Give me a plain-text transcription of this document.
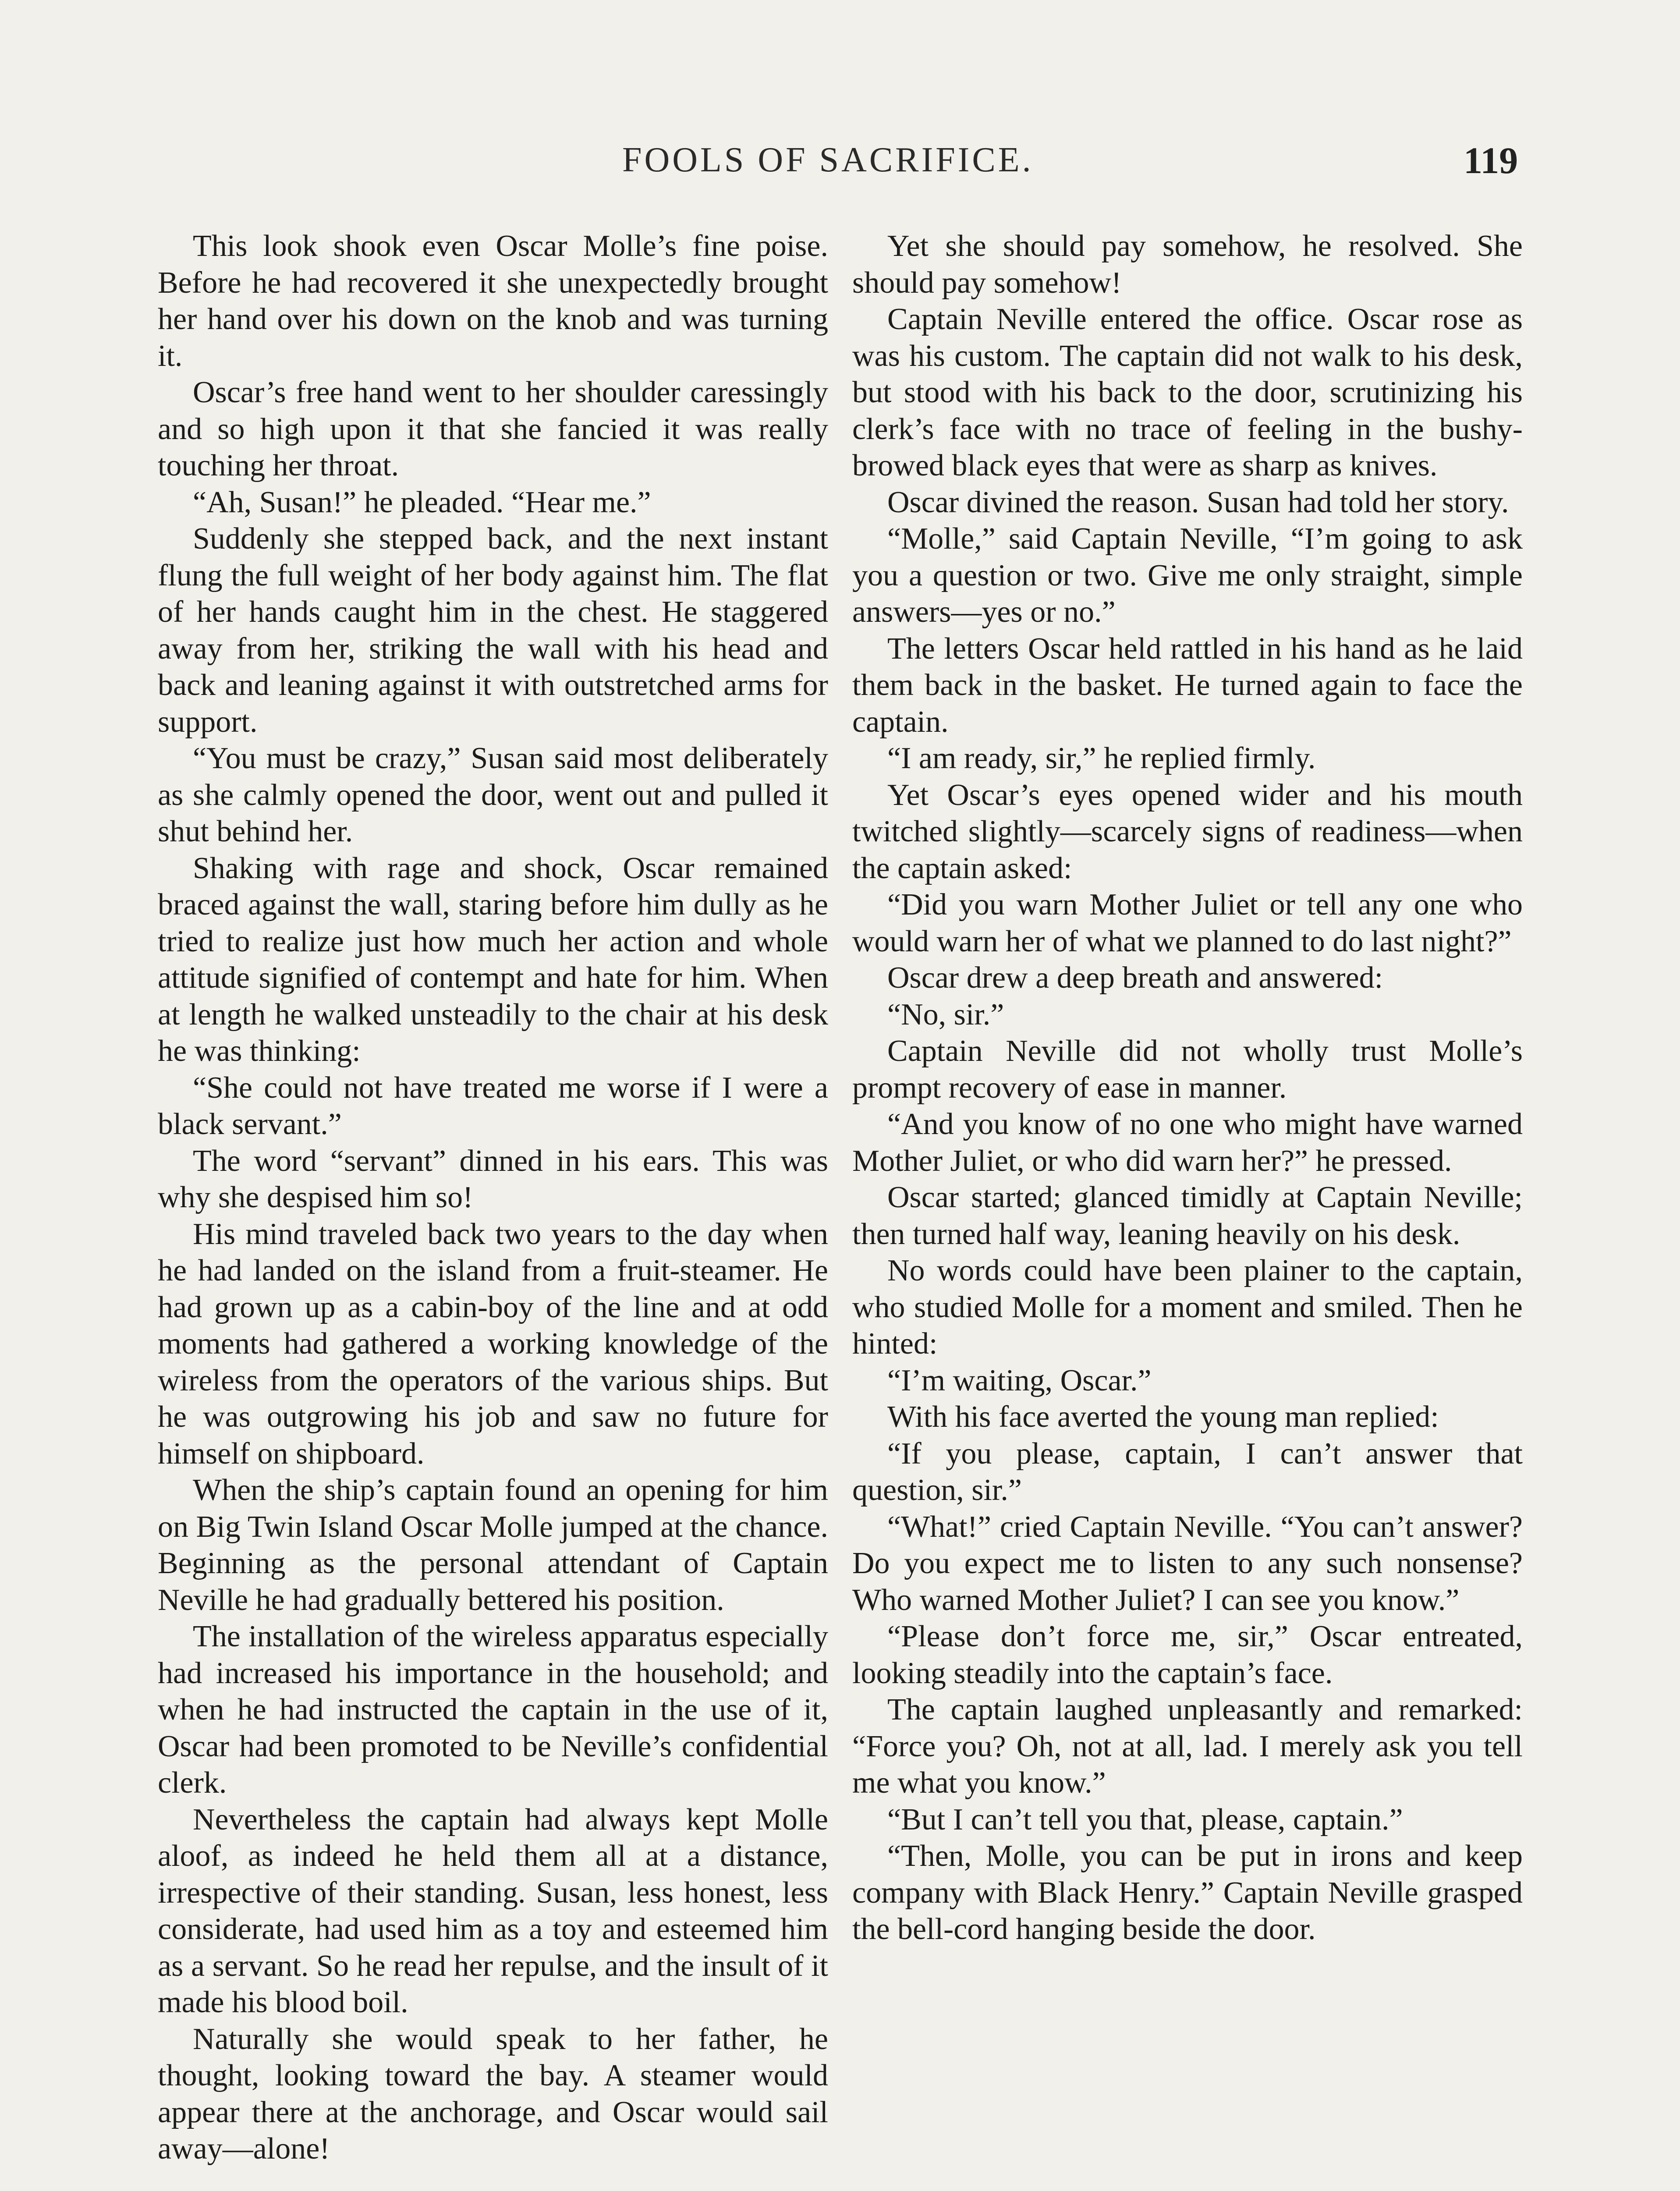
FOOLS OF SACRIFICE.	119

This look shook even Oscar Molle’s fine poise. Before he had recovered it she unexpectedly brought her hand over his down on the knob and was turning it.

Oscar’s free hand went to her shoulder caressingly and so high upon it that she fancied it was really touching her throat.

“Ah, Susan!” he pleaded. “Hear me.”

Suddenly she stepped back, and the next instant flung the full weight of her body against him. The flat of her hands caught him in the chest. He staggered away from her, striking the wall with his head and back and leaning against it with outstretched arms for support.

“You must be crazy,” Susan said most deliberately as she calmly opened the door, went out and pulled it shut behind her.

Shaking with rage and shock, Oscar remained braced against the wall, staring before him dully as he tried to realize just how much her action and whole attitude signified of contempt and hate for him. When at length he walked unsteadily to the chair at his desk he was thinking:

“She could not have treated me worse if I were a black servant.”

The word “servant” dinned in his ears. This was why she despised him so!

His mind traveled back two years to the day when he had landed on the island from a fruit-steamer. He had grown up as a cabin-boy of the line and at odd moments had gathered a working knowledge of the wireless from the operators of the various ships. But he was outgrowing his job and saw no future for himself on shipboard.

When the ship’s captain found an opening for him on Big Twin Island Oscar Molle jumped at the chance. Beginning as the personal attendant of Captain Neville he had gradually bettered his position.

The installation of the wireless apparatus especially had increased his importance in the household; and when he had instructed the captain in the use of it, Oscar had been promoted to be Neville’s confidential clerk.

Nevertheless the captain had always kept Molle aloof, as indeed he held them all at a distance, irrespective of their standing. Susan, less honest, less considerate, had used him as a toy and esteemed him as a servant. So he read her repulse, and the insult of it made his blood boil.

Naturally she would speak to her father, he thought, looking toward the bay. A steamer would appear there at the anchorage, and Oscar would sail away—alone!

Yet she should pay somehow, he resolved. She should pay somehow!

Captain Neville entered the office. Oscar rose as was his custom. The captain did not walk to his desk, but stood with his back to the door, scrutinizing his clerk’s face with no trace of feeling in the bushy-browed black eyes that were as sharp as knives.

Oscar divined the reason. Susan had told her story.

“Molle,” said Captain Neville, “I’m going to ask you a question or two. Give me only straight, simple answers—yes or no.”

The letters Oscar held rattled in his hand as he laid them back in the basket. He turned again to face the captain.

“I am ready, sir,” he replied firmly.

Yet Oscar’s eyes opened wider and his mouth twitched slightly—scarcely signs of readiness—when the captain asked:

“Did you warn Mother Juliet or tell any one who would warn her of what we planned to do last night?”

Oscar drew a deep breath and answered:

“No, sir.”

Captain Neville did not wholly trust Molle’s prompt recovery of ease in manner.

“And you know of no one who might have warned Mother Juliet, or who did warn her?” he pressed.

Oscar started; glanced timidly at Captain Neville; then turned half way, leaning heavily on his desk.

No words could have been plainer to the captain, who studied Molle for a moment and smiled. Then he hinted:

“I’m waiting, Oscar.”

With his face averted the young man replied:

“If you please, captain, I can’t answer that question, sir.”

“What!” cried Captain Neville. “You can’t answer? Do you expect me to listen to any such nonsense? Who warned Mother Juliet? I can see you know.”

“Please don’t force me, sir,” Oscar entreated, looking steadily into the captain’s face.

The captain laughed unpleasantly and remarked: “Force you? Oh, not at all, lad. I merely ask you tell me what you know.”

“But I can’t tell you that, please, captain.”

“Then, Molle, you can be put in irons and keep company with Black Henry.” Captain Neville grasped the bell-cord hanging beside the door.
